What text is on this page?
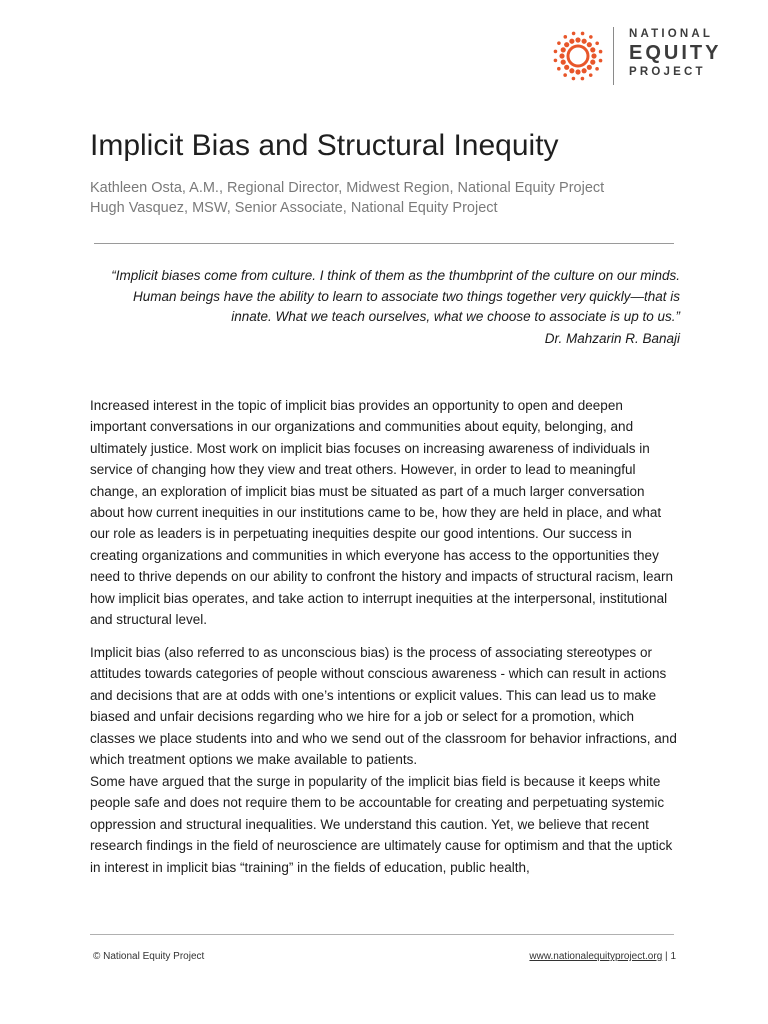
NATIONAL
EQUITY
PROJECT
Implicit Bias and Structural Inequity
Kathleen Osta, A.M., Regional Director, Midwest Region, National Equity Project
Hugh Vasquez, MSW, Senior Associate, National Equity Project
“Implicit biases come from culture. I think of them as the thumbprint of the culture on our minds. Human beings have the ability to learn to associate two things together very quickly—that is innate. What we teach ourselves, what we choose to associate is up to us.”
Dr. Mahzarin R. Banaji

Increased interest in the topic of implicit bias provides an opportunity to open and deepen important conversations in our organizations and communities about equity, belonging, and ultimately justice. Most work on implicit bias focuses on increasing awareness of individuals in service of changing how they view and treat others. However, in order to lead to meaningful change, an exploration of implicit bias must be situated as part of a much larger conversation about how current inequities in our institutions came to be, how they are held in place, and what our role as leaders is in perpetuating inequities despite our good intentions. Our success in creating organizations and communities in which everyone has access to the opportunities they need to thrive depends on our ability to confront the history and impacts of structural racism, learn how implicit bias operates, and take action to interrupt inequities at the interpersonal, institutional and structural level.

Implicit bias (also referred to as unconscious bias) is the process of associating stereotypes or attitudes towards categories of people without conscious awareness - which can result in actions and decisions that are at odds with one’s intentions or explicit values. This can lead us to make biased and unfair decisions regarding who we hire for a job or select for a promotion, which classes we place students into and who we send out of the classroom for behavior infractions, and which treatment options we make available to patients.

Some have argued that the surge in popularity of the implicit bias field is because it keeps white people safe and does not require them to be accountable for creating and perpetuating systemic oppression and structural inequalities. We understand this caution. Yet, we believe that recent research findings in the field of neuroscience are ultimately cause for optimism and that the uptick in interest in implicit bias “training” in the fields of education, public health,

© National Equity Project	www.nationalequityproject.org | 1
